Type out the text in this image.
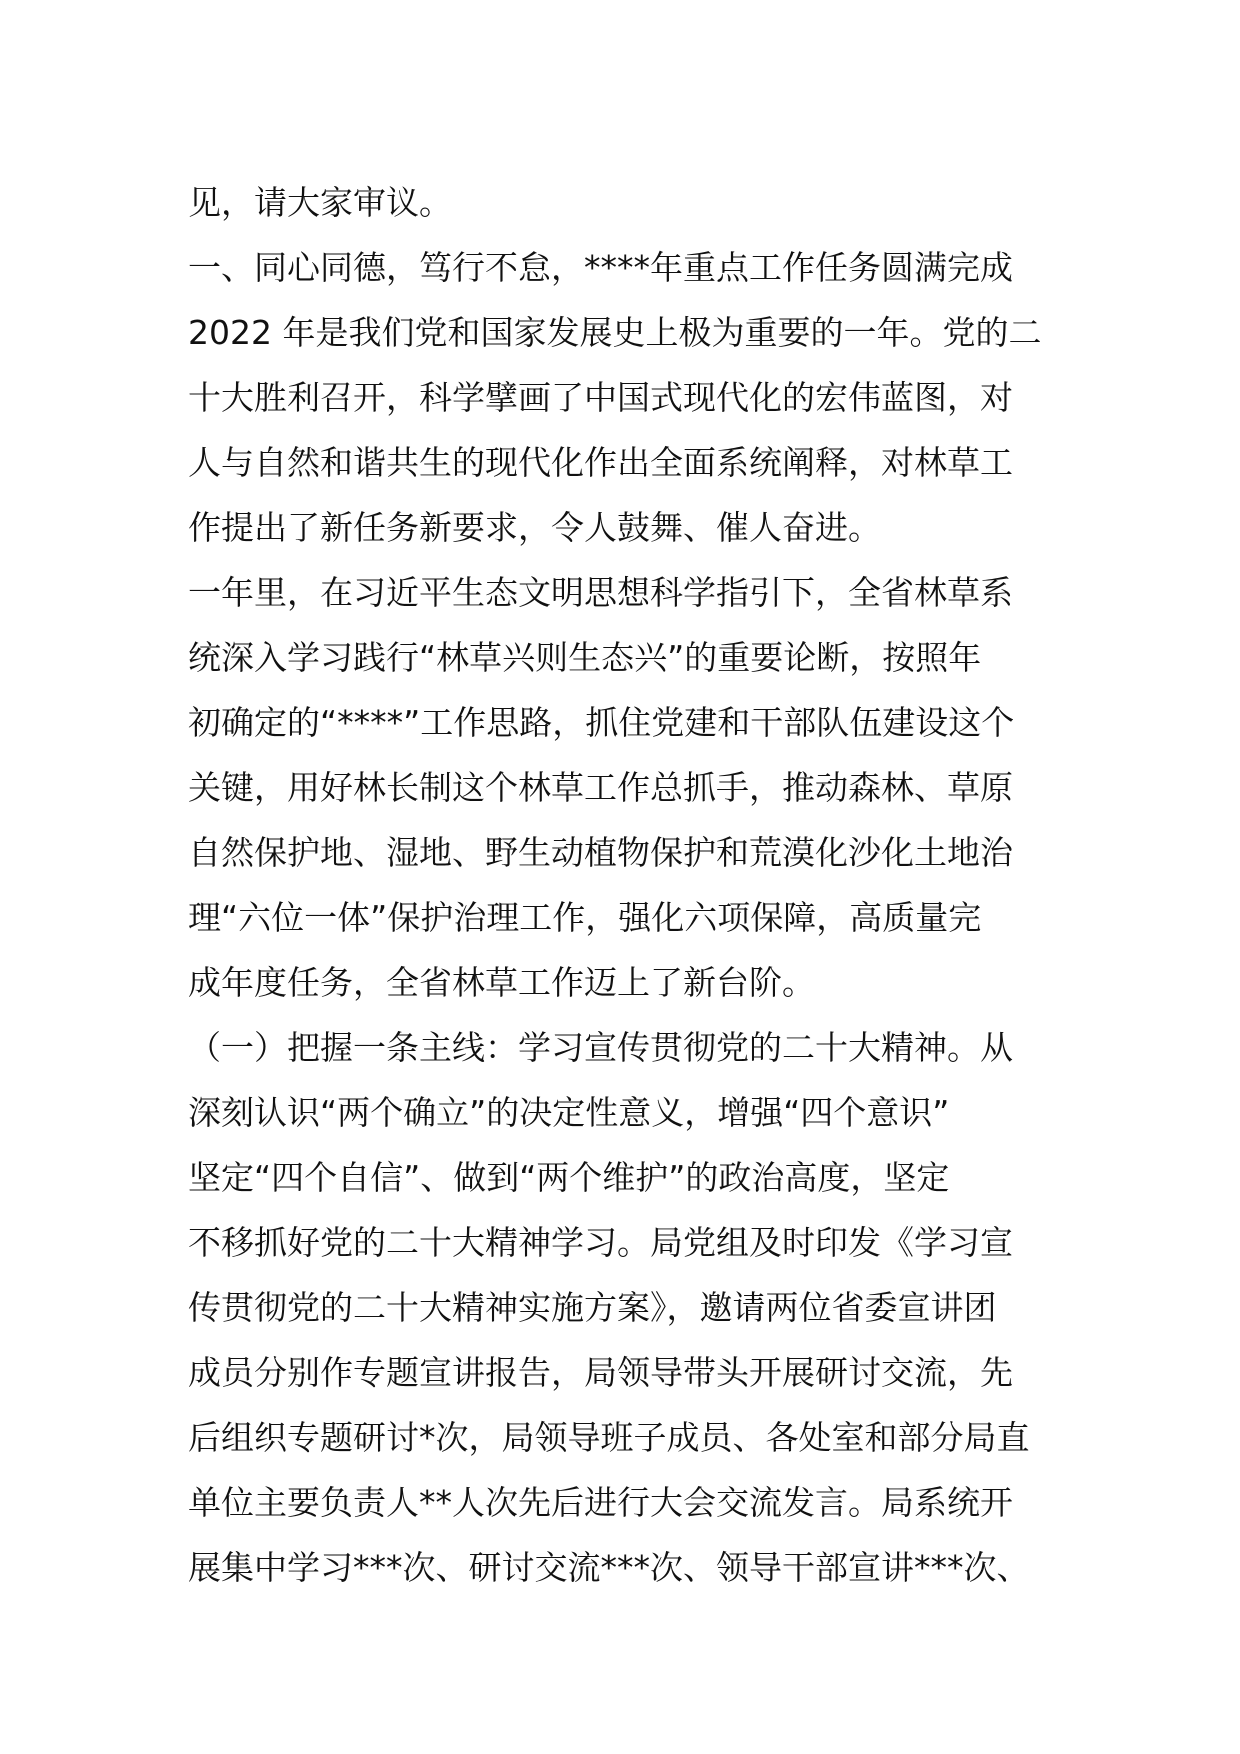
见，请大家审议。
一、同心同德，笃行不怠，****年重点工作任务圆满完成
2022 年是我们党和国家发展史上极为重要的一年。党的二
十大胜利召开，科学擘画了中国式现代化的宏伟蓝图，对
人与自然和谐共生的现代化作出全面系统阐释，对林草工
作提出了新任务新要求，令人鼓舞、催人奋进。
一年里，在习近平生态文明思想科学指引下，全省林草系
统深入学习践行“林草兴则生态兴”的重要论断，按照年
初确定的“****”工作思路，抓住党建和干部队伍建设这个
关键，用好林长制这个林草工作总抓手，推动森林、草原
自然保护地、湿地、野生动植物保护和荒漠化沙化土地治
理“六位一体”保护治理工作，强化六项保障，高质量完
成年度任务，全省林草工作迈上了新台阶。
（一）把握一条主线：学习宣传贯彻党的二十大精神。从
深刻认识“两个确立”的决定性意义，增强“四个意识”
坚定“四个自信”、做到“两个维护”的政治高度，坚定
不移抓好党的二十大精神学习。局党组及时印发《学习宣
传贯彻党的二十大精神实施方案》，邀请两位省委宣讲团
成员分别作专题宣讲报告，局领导带头开展研讨交流，先
后组织专题研讨*次，局领导班子成员、各处室和部分局直
单位主要负责人**人次先后进行大会交流发言。局系统开
展集中学习***次、研讨交流***次、领导干部宣讲***次、
